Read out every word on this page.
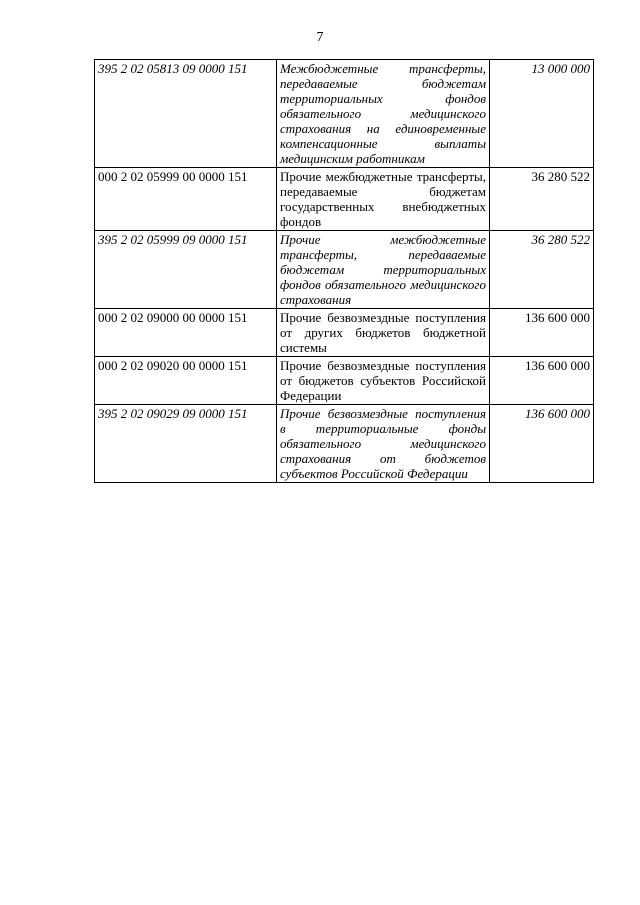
7
395 2 02 05813 09 0000 151	Межбюджетные трансферты, передаваемые бюджетам территориальных фондов обязательного медицинского страхования на единовременные компенсационные выплаты медицинским работникам	13 000 000
000 2 02 05999 00 0000 151	Прочие межбюджетные трансферты, передаваемые бюджетам государственных внебюджетных фондов	36 280 522
395 2 02 05999 09 0000 151	Прочие межбюджетные трансферты, передаваемые бюджетам территориальных фондов обязательного медицинского страхования	36 280 522
000 2 02 09000 00 0000 151	Прочие безвозмездные поступления от других бюджетов бюджетной системы	136 600 000
000 2 02 09020 00 0000 151	Прочие безвозмездные поступления от бюджетов субъектов Российской Федерации	136 600 000
395 2 02 09029 09 0000 151	Прочие безвозмездные поступления в территориальные фонды обязательного медицинского страхования от бюджетов субъектов Российской Федерации	136 600 000
